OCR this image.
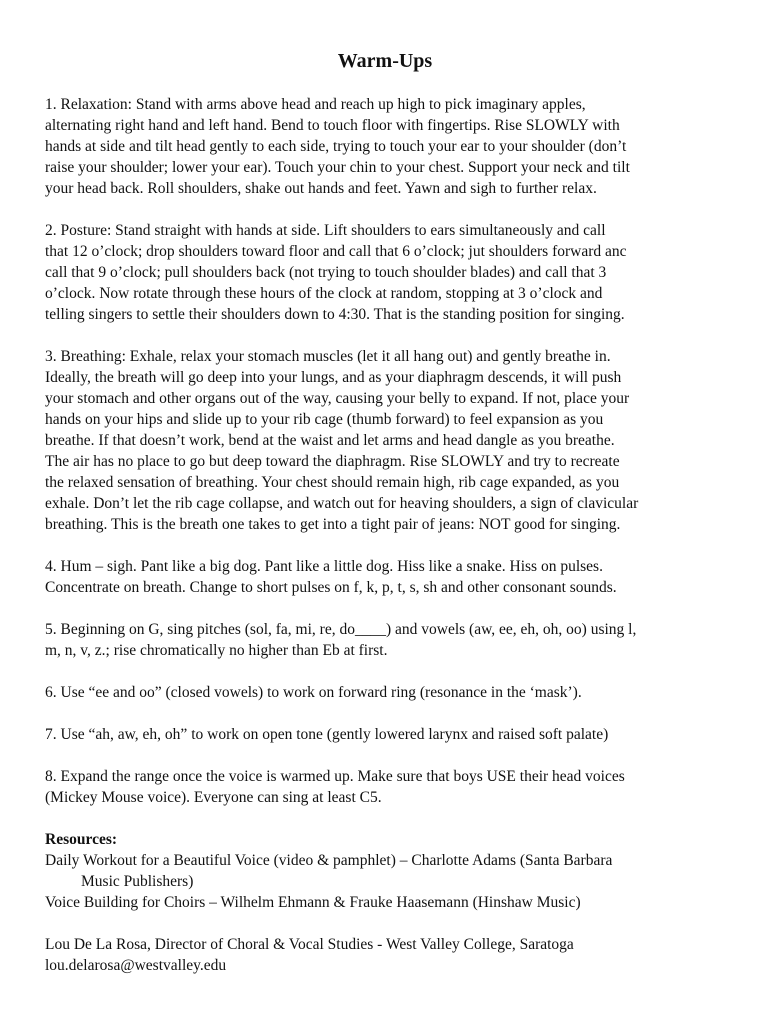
Warm-Ups
1. Relaxation: Stand with arms above head and reach up high to pick imaginary apples,
alternating right hand and left hand. Bend to touch floor with fingertips. Rise SLOWLY with
hands at side and tilt head gently to each side, trying to touch your ear to your shoulder (don’t
raise your shoulder; lower your ear). Touch your chin to your chest. Support your neck and tilt
your head back. Roll shoulders, shake out hands and feet. Yawn and sigh to further relax.
2. Posture: Stand straight with hands at side. Lift shoulders to ears simultaneously and call
that 12 o’clock; drop shoulders toward floor and call that 6 o’clock; jut shoulders forward anc
call that 9 o’clock; pull shoulders back (not trying to touch shoulder blades) and call that 3
o’clock. Now rotate through these hours of the clock at random, stopping at 3 o’clock and
telling singers to settle their shoulders down to 4:30. That is the standing position for singing.
3. Breathing: Exhale, relax your stomach muscles (let it all hang out) and gently breathe in.
Ideally, the breath will go deep into your lungs, and as your diaphragm descends, it will push
your stomach and other organs out of the way, causing your belly to expand. If not, place your
hands on your hips and slide up to your rib cage (thumb forward) to feel expansion as you
breathe. If that doesn’t work, bend at the waist and let arms and head dangle as you breathe.
The air has no place to go but deep toward the diaphragm. Rise SLOWLY and try to recreate
the relaxed sensation of breathing. Your chest should remain high, rib cage expanded, as you
exhale. Don’t let the rib cage collapse, and watch out for heaving shoulders, a sign of clavicular
breathing. This is the breath one takes to get into a tight pair of jeans: NOT good for singing.
4. Hum – sigh. Pant like a big dog. Pant like a little dog. Hiss like a snake. Hiss on pulses.
Concentrate on breath. Change to short pulses on f, k, p, t, s, sh and other consonant sounds.
5. Beginning on G, sing pitches (sol, fa, mi, re, do____) and vowels (aw, ee, eh, oh, oo) using l,
m, n, v, z.; rise chromatically no higher than Eb at first.
6. Use “ee and oo” (closed vowels) to work on forward ring (resonance in the ‘mask’).
7. Use “ah, aw, eh, oh” to work on open tone (gently lowered larynx and raised soft palate)
8. Expand the range once the voice is warmed up. Make sure that boys USE their head voices
(Mickey Mouse voice). Everyone can sing at least C5.
Resources:
Daily Workout for a Beautiful Voice (video & pamphlet) – Charlotte Adams (Santa Barbara
Music Publishers)
Voice Building for Choirs – Wilhelm Ehmann & Frauke Haasemann (Hinshaw Music)
Lou De La Rosa, Director of Choral & Vocal Studies - West Valley College, Saratoga
lou.delarosa@westvalley.edu
